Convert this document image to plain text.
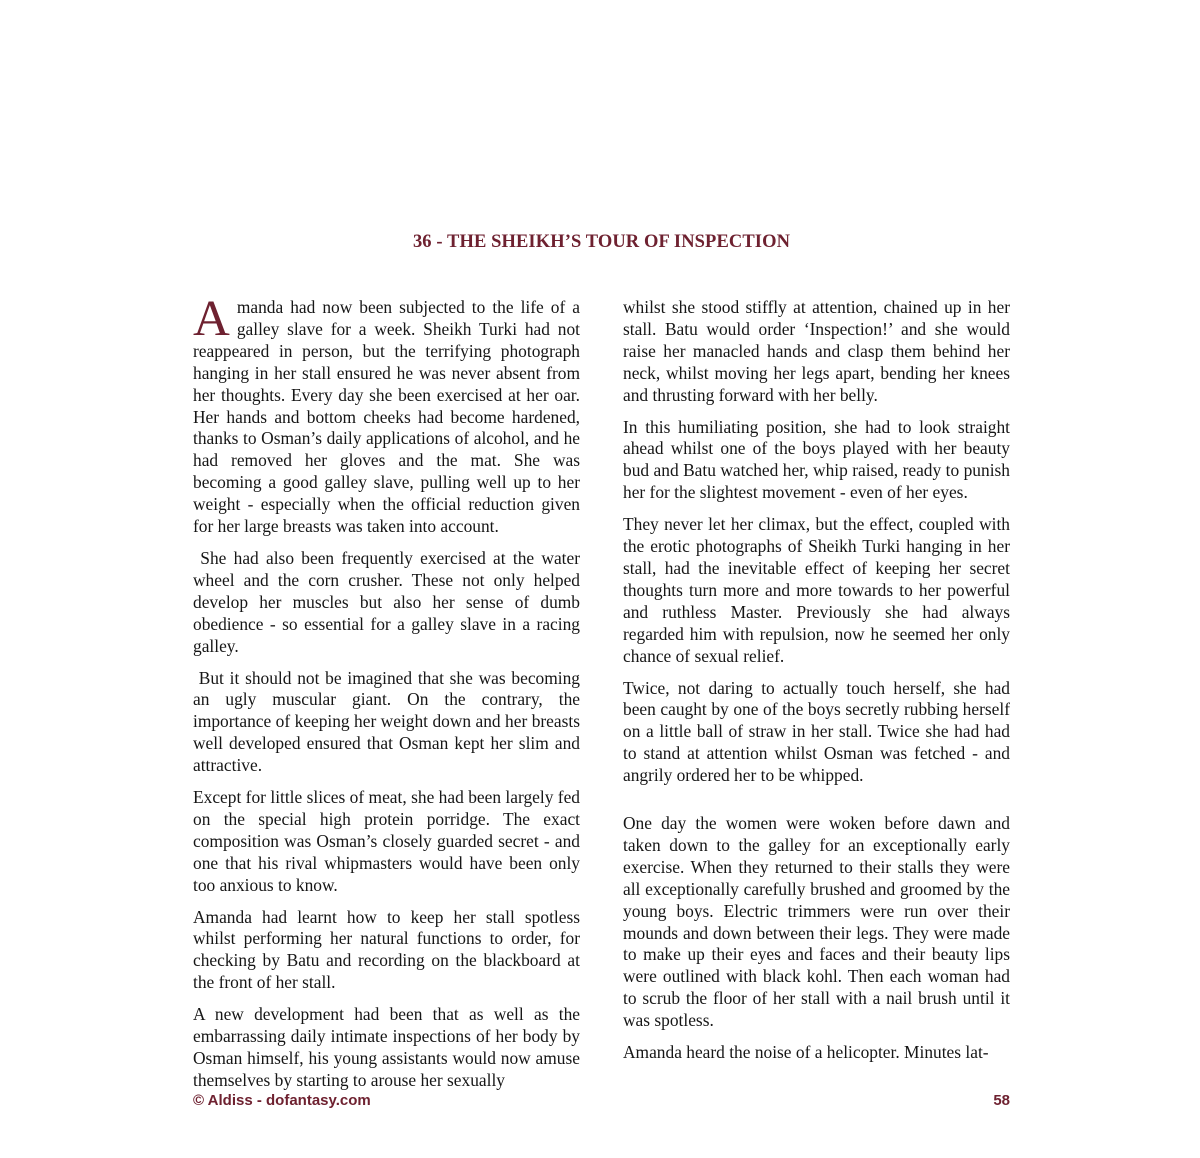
36 - THE SHEIKH’S TOUR OF INSPECTION

Amanda had now been subjected to the life of a galley slave for a week. Sheikh Turki had not reappeared in person, but the terrifying photograph hanging in her stall ensured he was never absent from her thoughts. Every day she been exercised at her oar. Her hands and bottom cheeks had become hardened, thanks to Osman’s daily applications of alcohol, and he had removed her gloves and the mat. She was becoming a good galley slave, pulling well up to her weight - especially when the official reduction given for her large breasts was taken into account.

She had also been frequently exercised at the water wheel and the corn crusher. These not only helped develop her muscles but also her sense of dumb obedience - so essential for a galley slave in a racing galley.

But it should not be imagined that she was becoming an ugly muscular giant. On the contrary, the importance of keeping her weight down and her breasts well developed ensured that Osman kept her slim and attractive.

Except for little slices of meat, she had been largely fed on the special high protein porridge. The exact composition was Osman’s closely guarded secret - and one that his rival whipmasters would have been only too anxious to know.

Amanda had learnt how to keep her stall spotless whilst performing her natural functions to order, for checking by Batu and recording on the blackboard at the front of her stall.

A new development had been that as well as the embarrassing daily intimate inspections of her body by Osman himself, his young assistants would now amuse themselves by starting to arouse her sexually

whilst she stood stiffly at attention, chained up in her stall. Batu would order ‘Inspection!’ and she would raise her manacled hands and clasp them behind her neck, whilst moving her legs apart, bending her knees and thrusting forward with her belly.

In this humiliating position, she had to look straight ahead whilst one of the boys played with her beauty bud and Batu watched her, whip raised, ready to punish her for the slightest movement - even of her eyes.

They never let her climax, but the effect, coupled with the erotic photographs of Sheikh Turki hanging in her stall, had the inevitable effect of keeping her secret thoughts turn more and more towards to her powerful and ruthless Master. Previously she had always regarded him with repulsion, now he seemed her only chance of sexual relief.

Twice, not daring to actually touch herself, she had been caught by one of the boys secretly rubbing herself on a little ball of straw in her stall. Twice she had had to stand at attention whilst Osman was fetched - and angrily ordered her to be whipped.

One day the women were woken before dawn and taken down to the galley for an exceptionally early exercise. When they returned to their stalls they were all exceptionally carefully brushed and groomed by the young boys. Electric trimmers were run over their mounds and down between their legs. They were made to make up their eyes and faces and their beauty lips were outlined with black kohl. Then each woman had to scrub the floor of her stall with a nail brush until it was spotless.

Amanda heard the noise of a helicopter. Minutes lat-

© Aldiss - dofantasy.com	58
